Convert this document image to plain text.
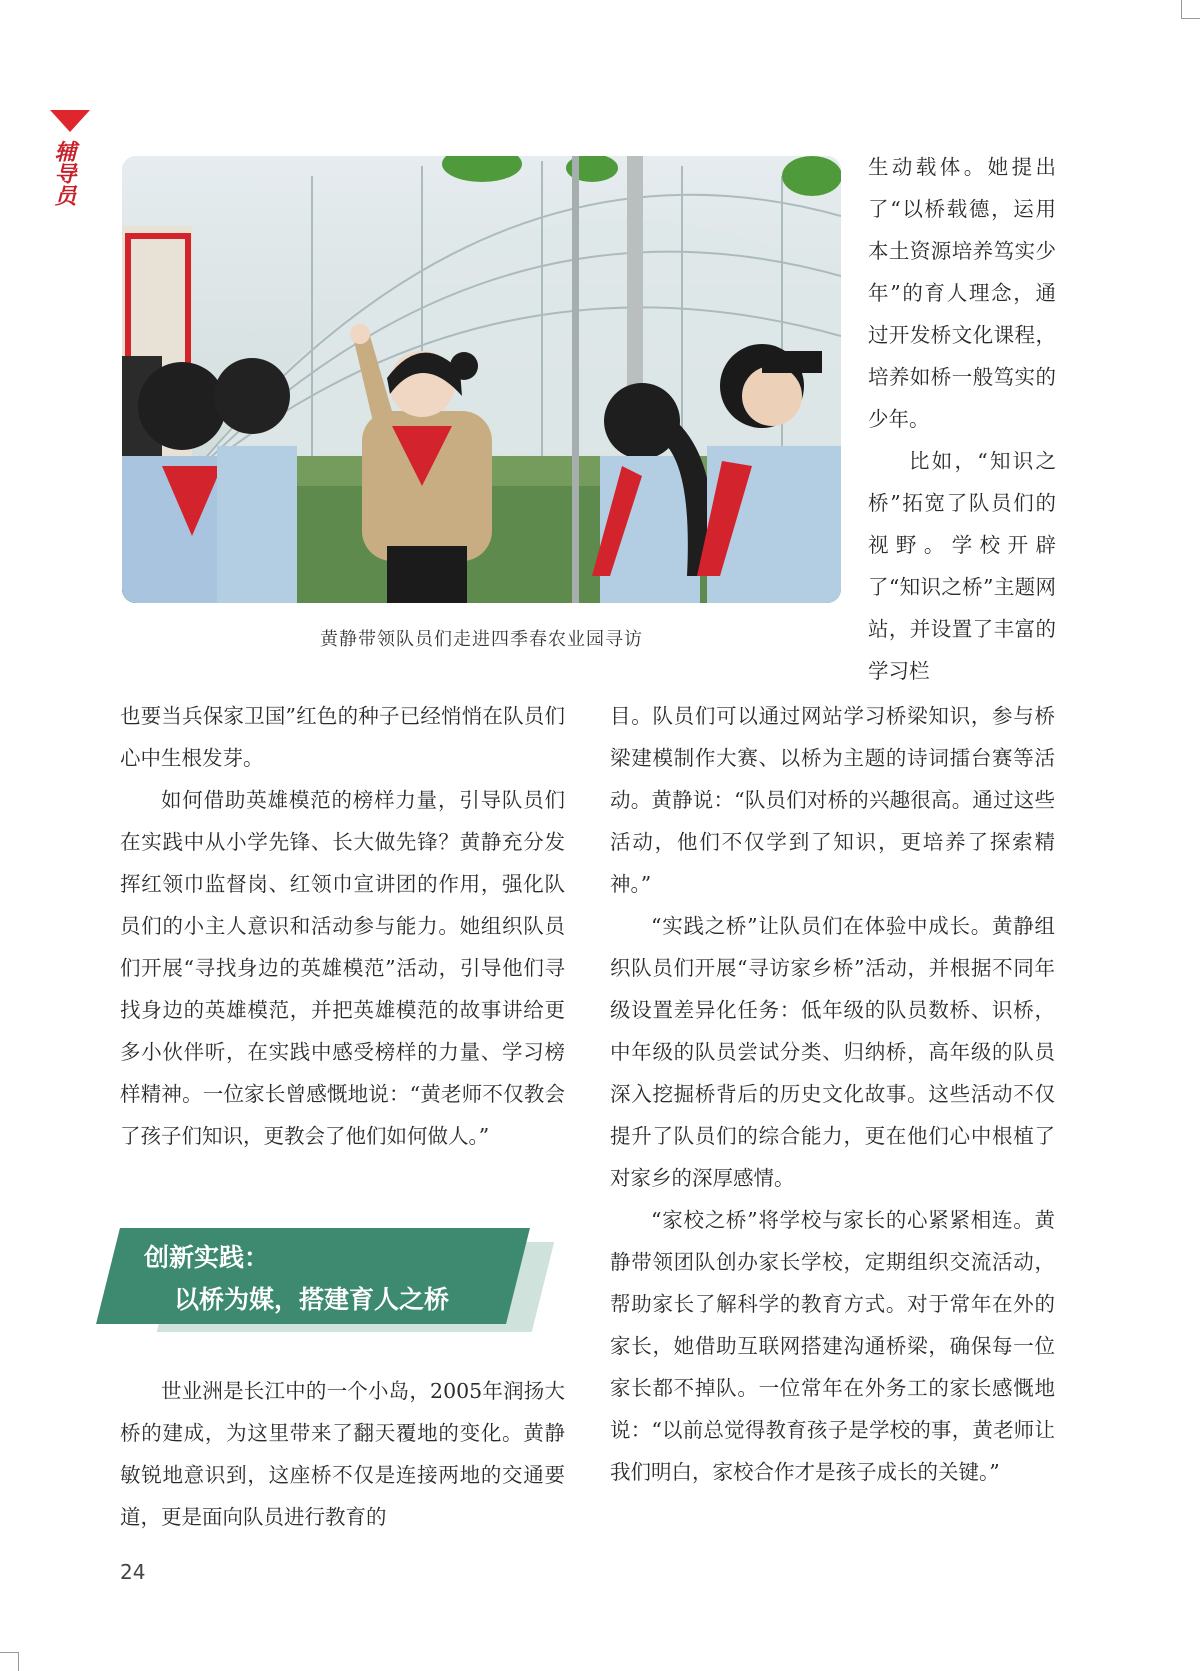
辅导员
黄静带领队员们走进四季春农业园寻访

生动载体。她提出了“以桥载德，运用本土资源培养笃实少年”的育人理念，通过开发桥文化课程，培养如桥一般笃实的少年。

比如，“知识之桥”拓宽了队员们的视野。学校开辟了“知识之桥”主题网站，并设置了丰富的学习栏

也要当兵保家卫国”红色的种子已经悄悄在队员们心中生根发芽。

如何借助英雄模范的榜样力量，引导队员们在实践中从小学先锋、长大做先锋？黄静充分发挥红领巾监督岗、红领巾宣讲团的作用，强化队员们的小主人意识和活动参与能力。她组织队员们开展“寻找身边的英雄模范”活动，引导他们寻找身边的英雄模范，并把英雄模范的故事讲给更多小伙伴听，在实践中感受榜样的力量、学习榜样精神。一位家长曾感慨地说：“黄老师不仅教会了孩子们知识，更教会了他们如何做人。”

创新实践：
以桥为媒，搭建育人之桥

世业洲是长江中的一个小岛，2005年润扬大桥的建成，为这里带来了翻天覆地的变化。黄静敏锐地意识到，这座桥不仅是连接两地的交通要道，更是面向队员进行教育的

目。队员们可以通过网站学习桥梁知识，参与桥梁建模制作大赛、以桥为主题的诗词擂台赛等活动。黄静说：“队员们对桥的兴趣很高。通过这些活动，他们不仅学到了知识，更培养了探索精神。”

“实践之桥”让队员们在体验中成长。黄静组织队员们开展“寻访家乡桥”活动，并根据不同年级设置差异化任务：低年级的队员数桥、识桥，中年级的队员尝试分类、归纳桥，高年级的队员深入挖掘桥背后的历史文化故事。这些活动不仅提升了队员们的综合能力，更在他们心中根植了对家乡的深厚感情。

“家校之桥”将学校与家长的心紧紧相连。黄静带领团队创办家长学校，定期组织交流活动，帮助家长了解科学的教育方式。对于常年在外的家长，她借助互联网搭建沟通桥梁，确保每一位家长都不掉队。一位常年在外务工的家长感慨地说：“以前总觉得教育孩子是学校的事，黄老师让我们明白，家校合作才是孩子成长的关键。”

24
